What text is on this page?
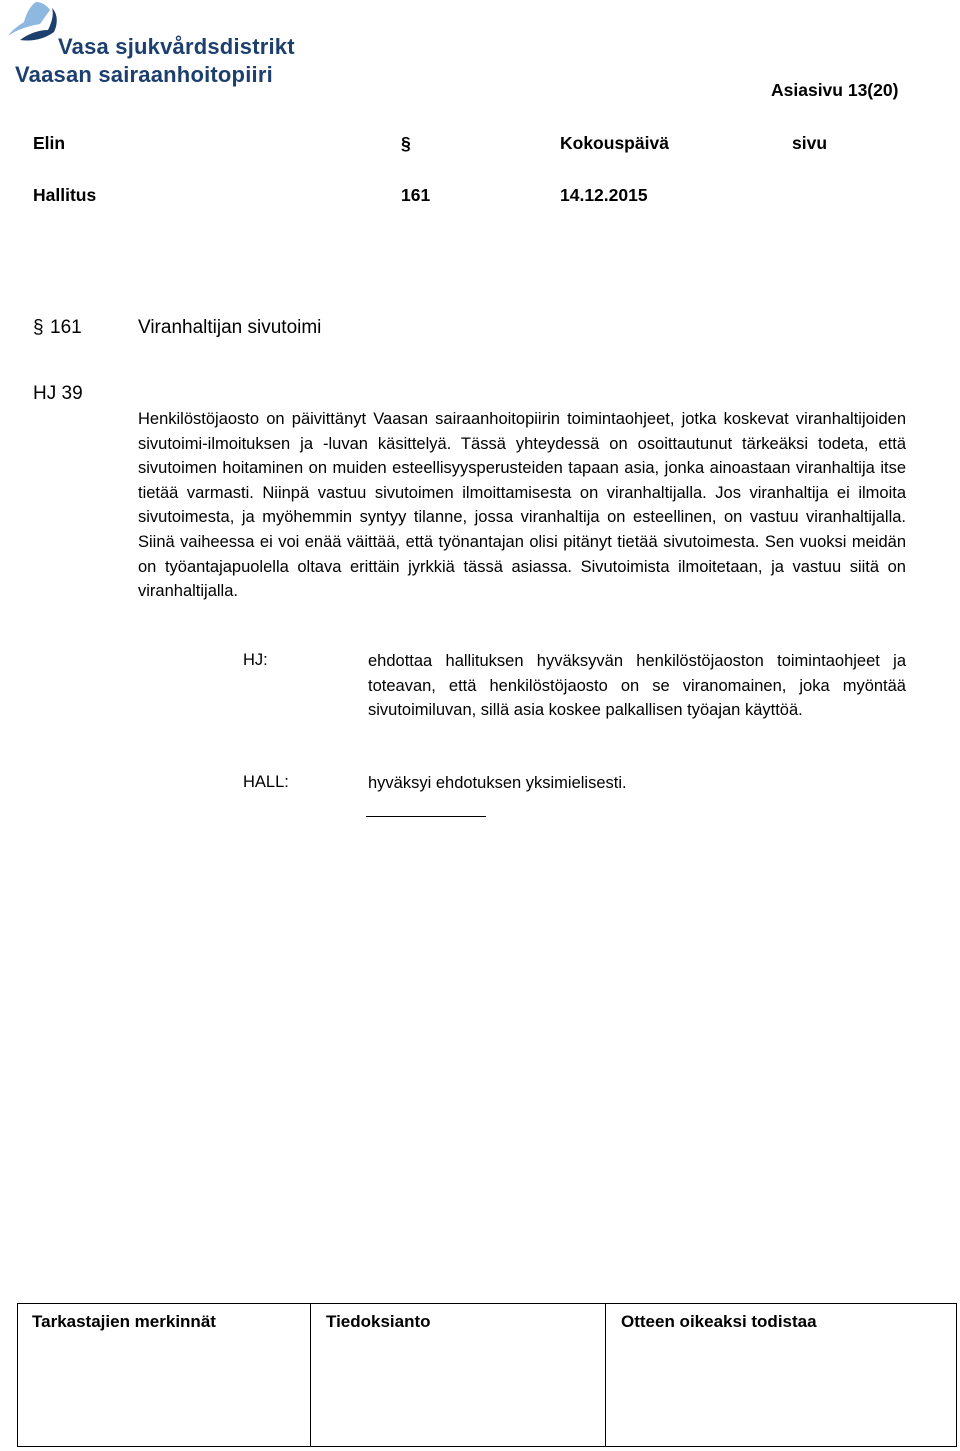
Vasa sjukvårdsdistrikt
Vaasan sairaanhoitopiiri
Asiasivu 13(20)
Elin	§	Kokouspäivä	sivu
Hallitus	161	14.12.2015
§ 161	Viranhaltijan sivutoimi
HJ 39
Henkilöstöjaosto on päivittänyt Vaasan sairaanhoitopiirin toimintaohjeet, jotka koskevat viranhaltijoiden sivutoimi-ilmoituksen ja -luvan käsittelyä. Tässä yhteydessä on osoittautunut tärkeäksi todeta, että sivutoimen hoitaminen on muiden esteellisyysperusteiden tapaan asia, jonka ainoastaan viranhaltija itse tietää varmasti. Niinpä vastuu sivutoimen ilmoittamisesta on viranhaltijalla. Jos viranhaltija ei ilmoita sivutoimesta, ja myöhemmin syntyy tilanne, jossa viranhaltija on esteellinen, on vastuu viranhaltijalla. Siinä vaiheessa ei voi enää väittää, että työnantajan olisi pitänyt tietää sivutoimesta. Sen vuoksi meidän on työantajapuolella oltava erittäin jyrkkiä tässä asiassa. Sivutoimista ilmoitetaan, ja vastuu siitä on viranhaltijalla.
HJ:	ehdottaa hallituksen hyväksyvän henkilöstöjaoston toimintaohjeet ja toteavan, että henkilöstöjaosto on se viranomainen, joka myöntää sivutoimiluvan, sillä asia koskee palkallisen työajan käyttöä.
HALL:	hyväksyi ehdotuksen yksimielisesti.
Tarkastajien merkinnät	Tiedoksianto	Otteen oikeaksi todistaa
